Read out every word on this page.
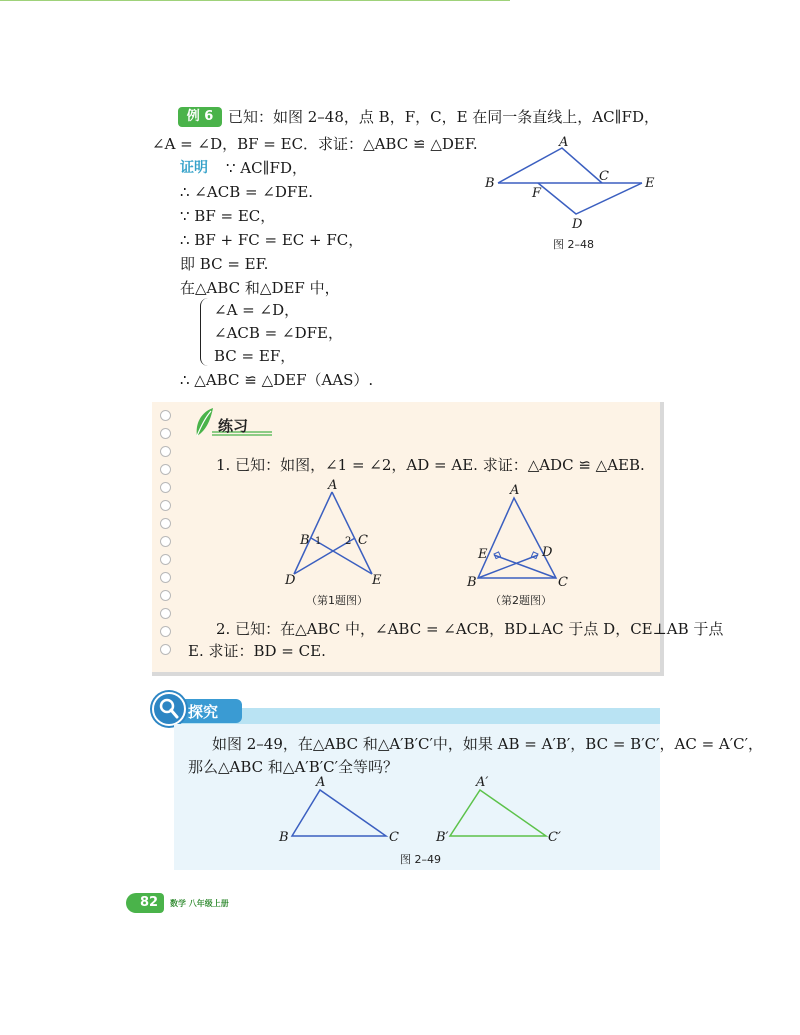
例 6 已知：如图 2–48，点 B，F，C，E 在同一条直线上，AC∥FD，
∠A = ∠D，BF = EC．求证：△ABC ≌ △DEF.
证明 ∵ AC∥FD，
∴ ∠ACB = ∠DFE.
∵ BF = EC，
∴ BF + FC = EC + FC，
即 BC = EF.
在△ABC 和△DEF 中，
∠A = ∠D，
∠ACB = ∠DFE，
BC = EF，
∴ △ABC ≌ △DEF（AAS）.
A
B
F
C	E
D
图 2–48
练习
1. 已知：如图，∠1 = ∠2，AD = AE. 求证：△ADC ≌ △AEB.
A
B	C
D	E
1 2
（第1题图）
A
E	D
B	C
（第2题图）
2. 已知：在△ABC 中，∠ABC = ∠ACB，BD⊥AC 于点 D，CE⊥AB 于点
E. 求证：BD = CE.
探究
如图 2–49，在△ABC 和△A′B′C′中，如果 AB = A′B′，BC = B′C′，AC = A′C′，
那么△ABC 和△A′B′C′全等吗？
A
B	C
A′
B′	C′
图 2–49
82 数学 八年级上册
